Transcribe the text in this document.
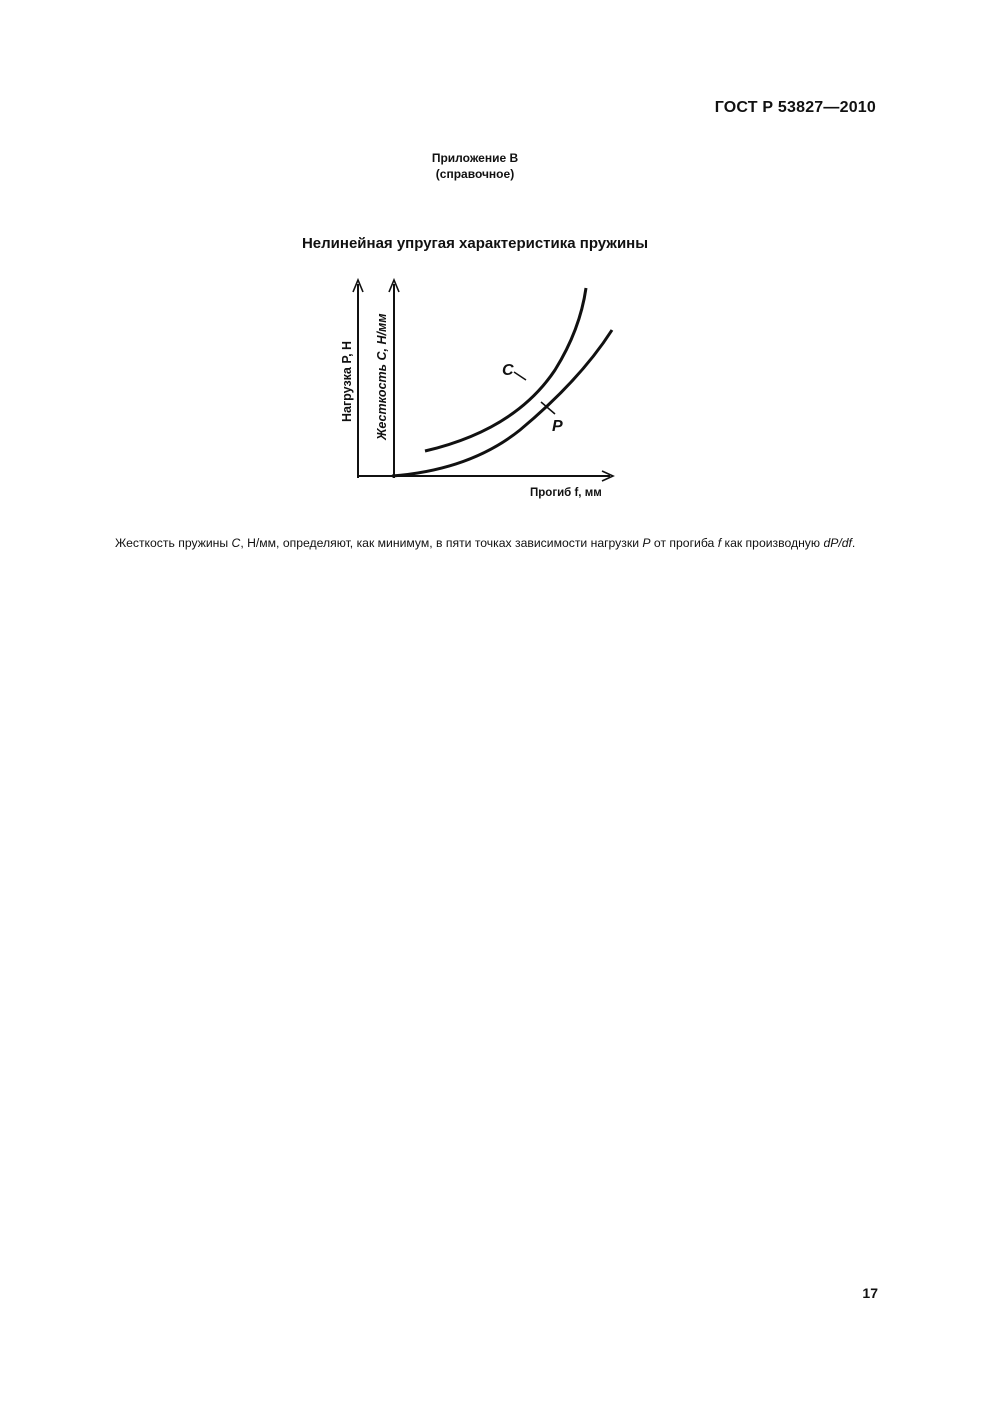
ГОСТ Р 53827—2010
Приложение В
(справочное)
Нелинейная упругая характеристика пружины
C
P
Нагрузка P, Н Жесткость С, Н/мм
Прогиб f, мм
Жесткость пружины С, Н/мм, определяют, как минимум, в пяти точках зависимости нагрузки Р от прогиба f как производную dP/df.
17
